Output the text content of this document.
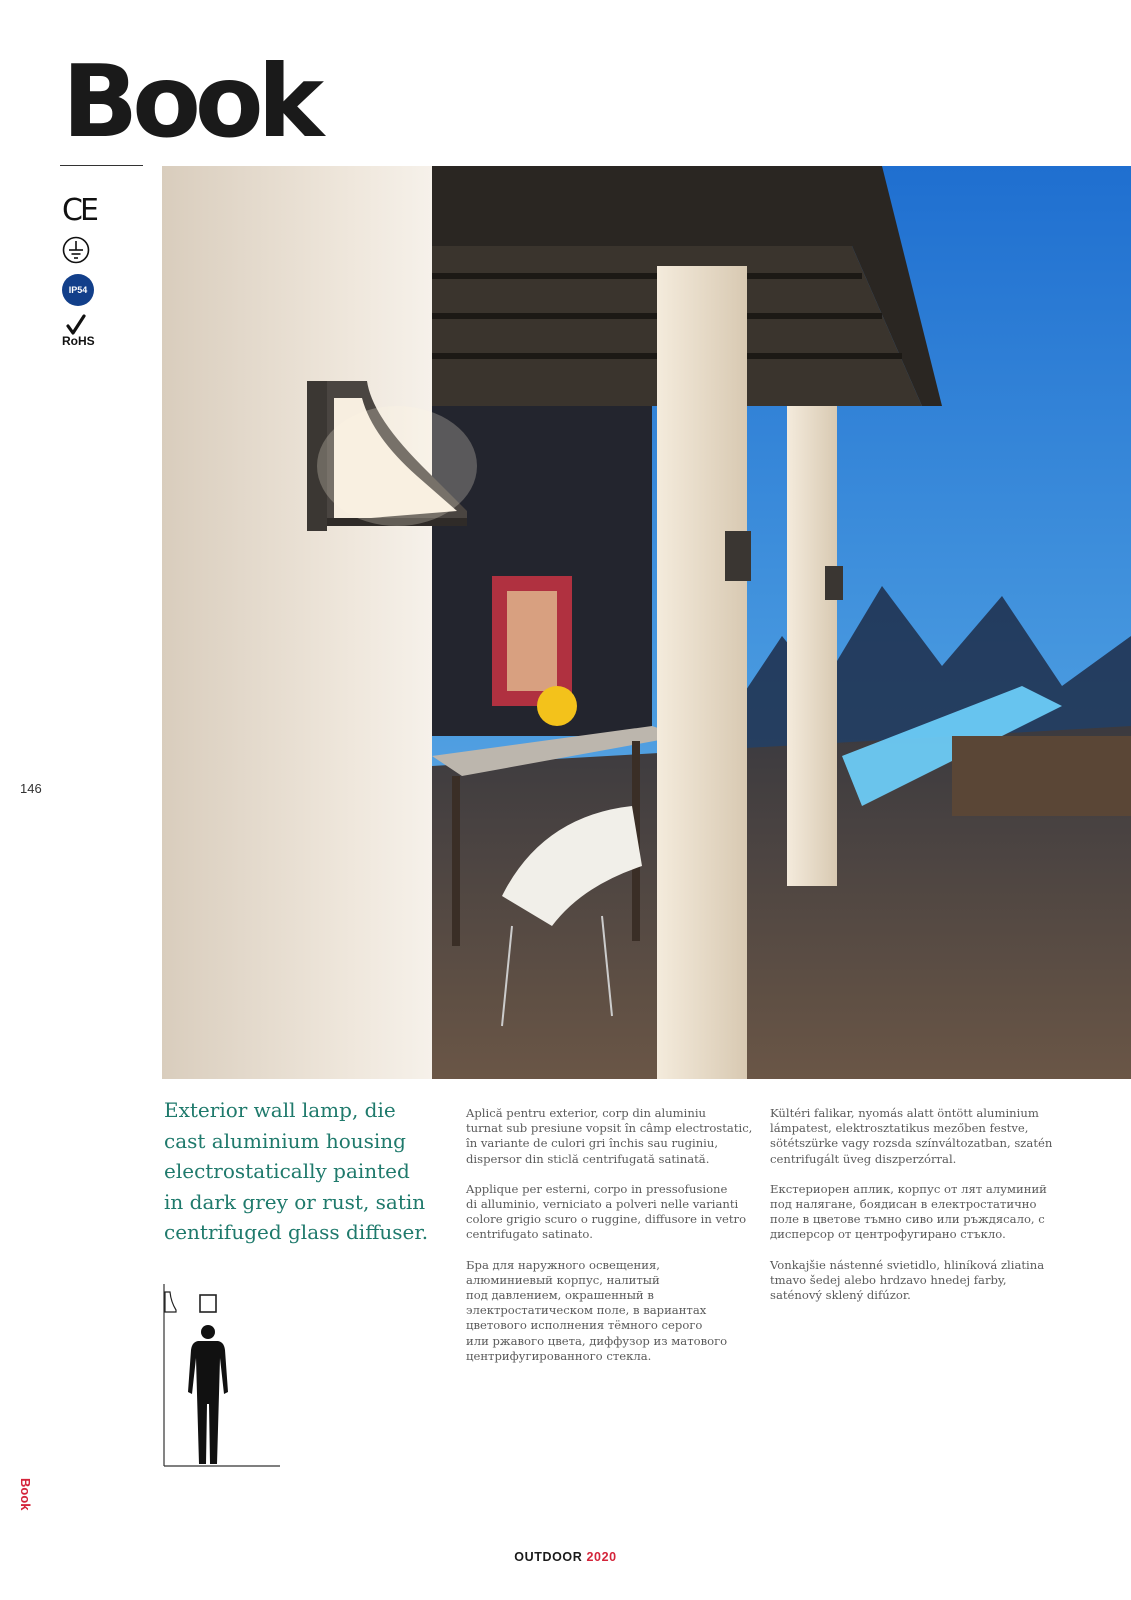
Book
CE
IP54
RoHS
146
Book

Exterior wall lamp, die cast aluminium housing electrostatically painted in dark grey or rust, satin centrifuged glass diffuser.

Aplică pentru exterior, corp din aluminiu
turnat sub presiune vopsit în câmp electrostatic,
în variante de culori gri închis sau ruginiu,
dispersor din sticlă centrifugată satinată.

Applique per esterni, corpo in pressofusione
di alluminio, verniciato a polveri nelle varianti
colore grigio scuro o ruggine, diffusore in vetro
centrifugato satinato.

Бра для наружного освещения,
алюминиевый корпус, налитый
под давлением, окрашенный в
электростатическом поле, в вариантах
цветового исполнения тёмного серого
или ржавого цвета, диффузор из матового
центрифугированного стекла.

Kültéri falikar, nyomás alatt öntött aluminium
lámpatest, elektrosztatikus mezőben festve,
sötétszürke vagy rozsda színváltozatban, szatén
centrifugált üveg diszperzórral.

Екстериорен аплик, корпус от лят алуминий
под налягане, боядисан в електростатично
поле в цветове тъмно сиво или ръждясало, с
дисперсор от центрофугирано стъкло.

Vonkajšie nástenné svietidlo, hliníková zliatina
tmavo šedej alebo hrdzavo hnedej farby,
saténový sklený difúzor.

OUTDOOR 2020
